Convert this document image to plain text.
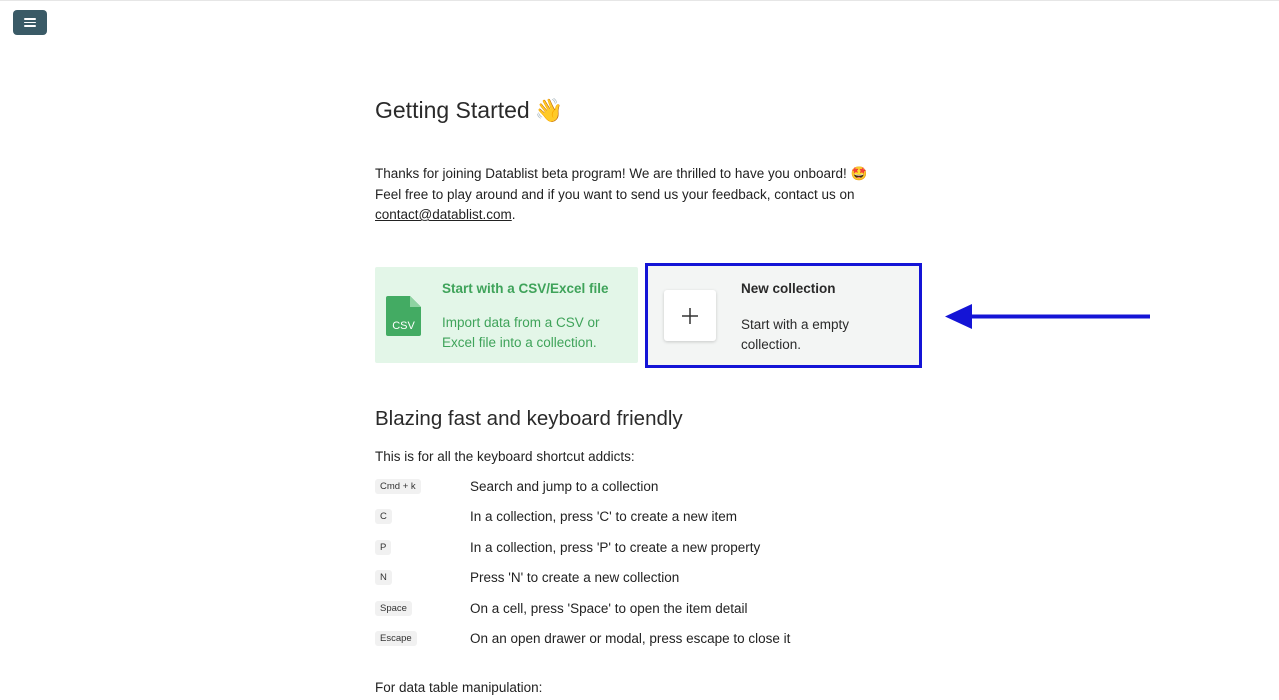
Getting Started 👋
Thanks for joining Datablist beta program! We are thrilled to have you onboard! 🤩
Feel free to play around and if you want to send us your feedback, contact us on
contact@datablist.com.
CSV
Start with a CSV/Excel file
Import data from a CSV or Excel file into a collection.
New collection
Start with a empty collection.
Blazing fast and keyboard friendly
This is for all the keyboard shortcut addicts:
Cmd + k	Search and jump to a collection
C	In a collection, press 'C' to create a new item
P	In a collection, press 'P' to create a new property
N	Press 'N' to create a new collection
Space	On a cell, press 'Space' to open the item detail
Escape	On an open drawer or modal, press escape to close it
For data table manipulation:
